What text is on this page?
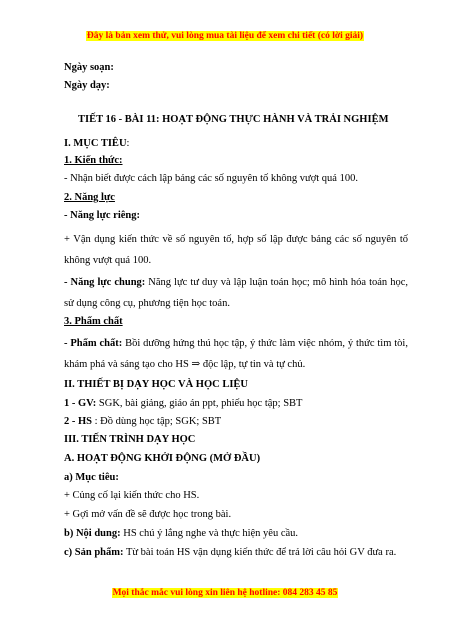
Đây là bản xem thử, vui lòng mua tài liệu để xem chi tiết (có lời giải)
Ngày soạn:
Ngày dạy:
TIẾT 16 - BÀI 11: HOẠT ĐỘNG THỰC HÀNH VÀ TRẢI NGHIỆM
I. MỤC TIÊU:
1. Kiến thức:
- Nhận biết được cách lập bảng các số nguyên tố không vượt quá 100.
2. Năng lực
- Năng lực riêng:
+ Vận dụng kiến thức về số nguyên tố, hợp số lập được bảng các số nguyên tố không vượt quá 100.
- Năng lực chung: Năng lực tư duy và lập luận toán học; mô hình hóa toán học, sử dụng công cụ, phương tiện học toán.
3. Phẩm chất
- Phẩm chất: Bồi dưỡng hứng thú học tập, ý thức làm việc nhóm, ý thức tìm tòi, khám phá và sáng tạo cho HS ⇒ độc lập, tự tin và tự chủ.
II. THIẾT BỊ DẠY HỌC VÀ HỌC LIỆU
1 - GV: SGK, bài giảng, giáo án ppt, phiếu học tập; SBT
2 - HS : Đồ dùng học tập; SGK; SBT
III. TIẾN TRÌNH DẠY HỌC
A. HOẠT ĐỘNG KHỞI ĐỘNG (MỞ ĐẦU)
a) Mục tiêu:
+ Củng cố lại kiến thức cho HS.
+ Gợi mở vấn đề sẽ được học trong bài.
b) Nội dung: HS chú ý lắng nghe và thực hiện yêu cầu.
c) Sản phẩm: Từ bài toán HS vận dụng kiến thức để trả lời câu hỏi GV đưa ra.
Mọi thắc mắc vui lòng xin liên hệ hotline: 084 283 45 85
